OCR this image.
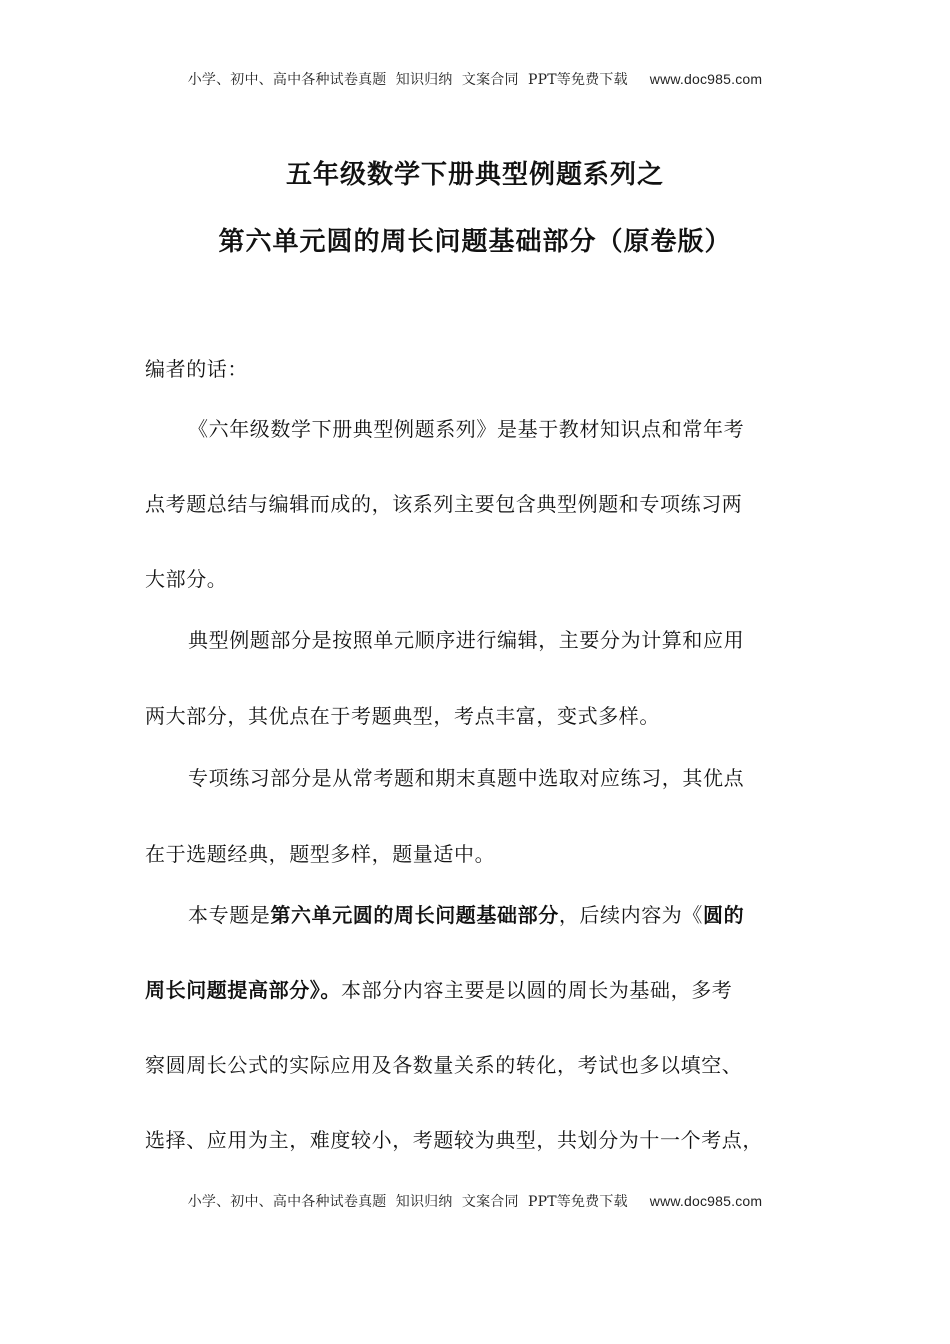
小学、初中、高中各种试卷真题  知识归纳  文案合同  PPT等免费下载 www.doc985.com
五年级数学下册典型例题系列之
第六单元圆的周长问题基础部分（原卷版）
编者的话：
《六年级数学下册典型例题系列》是基于教材知识点和常年考
点考题总结与编辑而成的，该系列主要包含典型例题和专项练习两
大部分。
典型例题部分是按照单元顺序进行编辑，主要分为计算和应用
两大部分，其优点在于考题典型，考点丰富，变式多样。
专项练习部分是从常考题和期末真题中选取对应练习，其优点
在于选题经典，题型多样，题量适中。
本专题是第六单元圆的周长问题基础部分，后续内容为《圆的
周长问题提高部分》。本部分内容主要是以圆的周长为基础，多考
察圆周长公式的实际应用及各数量关系的转化，考试也多以填空、
选择、应用为主，难度较小，考题较为典型，共划分为十一个考点，
小学、初中、高中各种试卷真题  知识归纳  文案合同  PPT等免费下载 www.doc985.com
